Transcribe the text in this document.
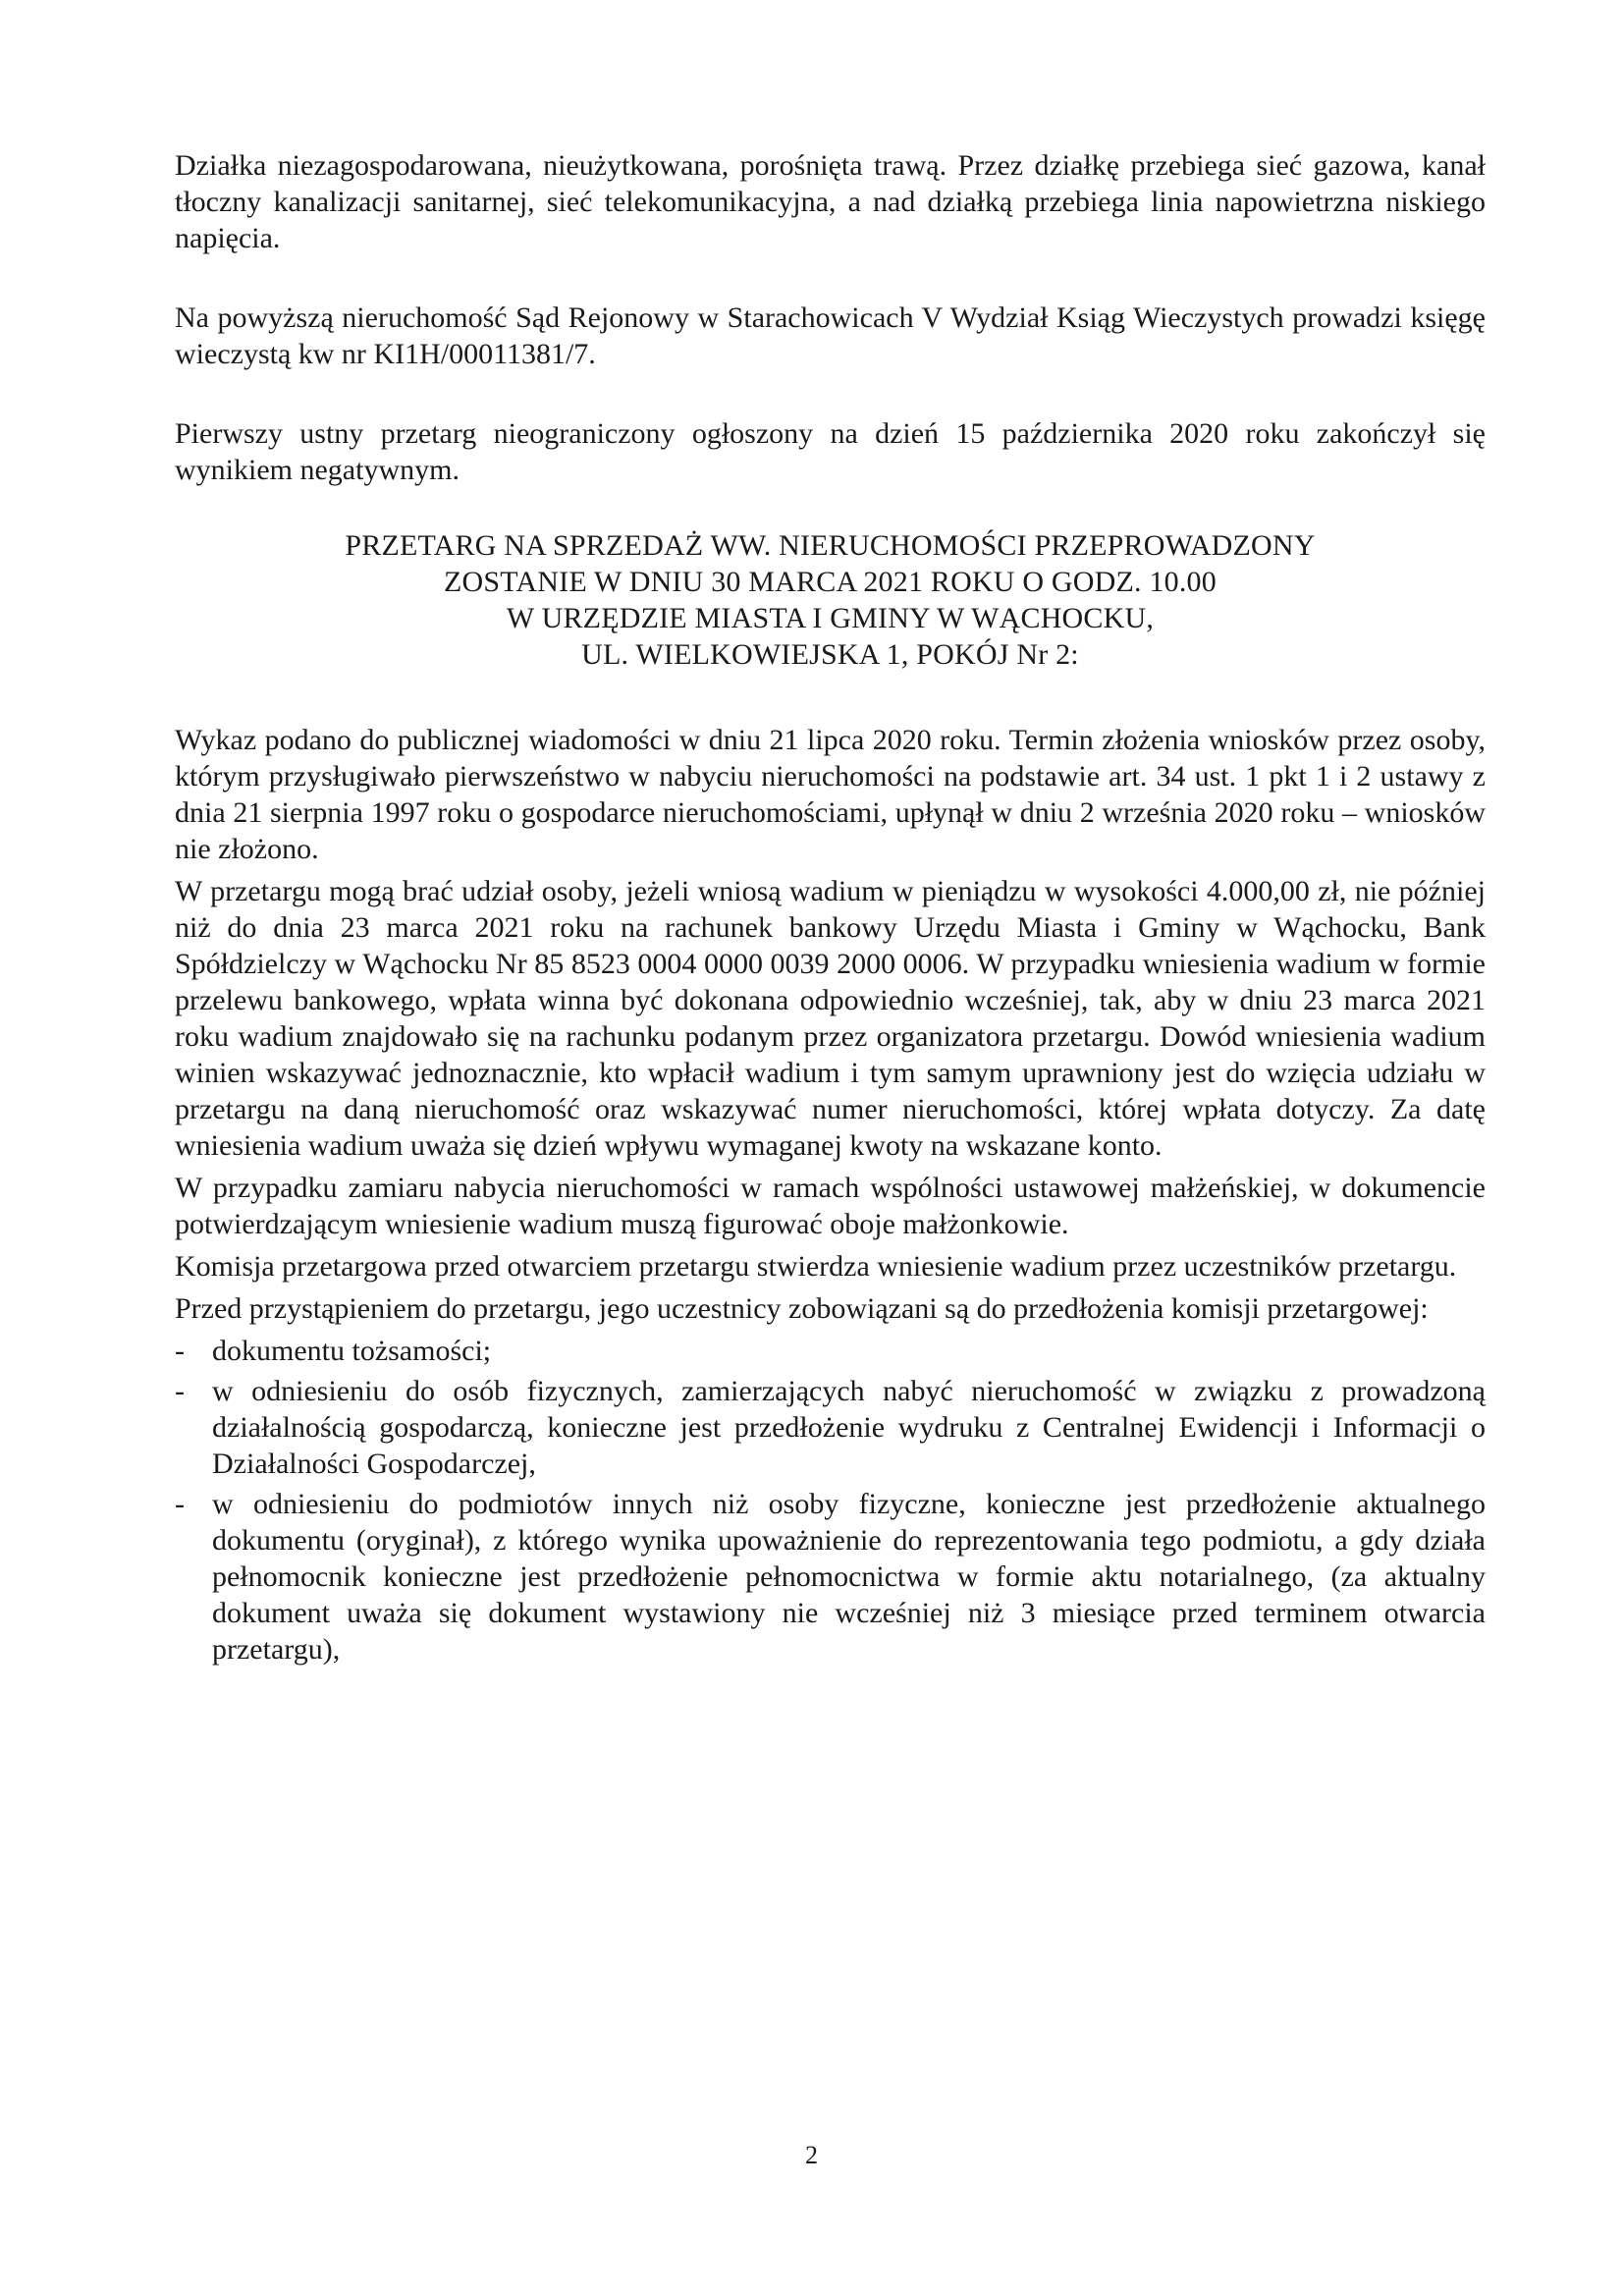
Działka niezagospodarowana, nieużytkowana, porośnięta trawą. Przez działkę przebiega sieć gazowa, kanał tłoczny kanalizacji sanitarnej, sieć telekomunikacyjna, a nad działką przebiega linia napowietrzna niskiego napięcia.

Na powyższą nieruchomość Sąd Rejonowy w Starachowicach V Wydział Ksiąg Wieczystych prowadzi księgę wieczystą kw nr KI1H/00011381/7.

Pierwszy ustny przetarg nieograniczony ogłoszony na dzień 15 października 2020 roku zakończył się wynikiem negatywnym.

PRZETARG NA SPRZEDAŻ WW. NIERUCHOMOŚCI PRZEPROWADZONY
ZOSTANIE W DNIU 30 MARCA 2021 ROKU O GODZ. 10.00
W URZĘDZIE MIASTA I GMINY W WĄCHOCKU,
UL. WIELKOWIEJSKA 1, POKÓJ Nr 2:

Wykaz podano do publicznej wiadomości w dniu 21 lipca 2020 roku. Termin złożenia wniosków przez osoby, którym przysługiwało pierwszeństwo w nabyciu nieruchomości na podstawie art. 34 ust. 1 pkt 1 i 2 ustawy z dnia 21 sierpnia 1997 roku o gospodarce nieruchomościami, upłynął w dniu 2 września 2020 roku – wniosków nie złożono.

W przetargu mogą brać udział osoby, jeżeli wniosą wadium w pieniądzu w wysokości 4.000,00 zł, nie później niż do dnia 23 marca 2021 roku na rachunek bankowy Urzędu Miasta i Gminy w Wąchocku, Bank Spółdzielczy w Wąchocku Nr 85 8523 0004 0000 0039 2000 0006. W przypadku wniesienia wadium w formie przelewu bankowego, wpłata winna być dokonana odpowiednio wcześniej, tak, aby w dniu 23 marca 2021 roku wadium znajdowało się na rachunku podanym przez organizatora przetargu. Dowód wniesienia wadium winien wskazywać jednoznacznie, kto wpłacił wadium i tym samym uprawniony jest do wzięcia udziału w przetargu na daną nieruchomość oraz wskazywać numer nieruchomości, której wpłata dotyczy. Za datę wniesienia wadium uważa się dzień wpływu wymaganej kwoty na wskazane konto.

W przypadku zamiaru nabycia nieruchomości w ramach wspólności ustawowej małżeńskiej, w dokumencie potwierdzającym wniesienie wadium muszą figurować oboje małżonkowie.

Komisja przetargowa przed otwarciem przetargu stwierdza wniesienie wadium przez uczestników przetargu.

Przed przystąpieniem do przetargu, jego uczestnicy zobowiązani są do przedłożenia komisji przetargowej:

- dokumentu tożsamości;
- w odniesieniu do osób fizycznych, zamierzających nabyć nieruchomość w związku z prowadzoną działalnością gospodarczą, konieczne jest przedłożenie wydruku z Centralnej Ewidencji i Informacji o Działalności Gospodarczej,
- w odniesieniu do podmiotów innych niż osoby fizyczne, konieczne jest przedłożenie aktualnego dokumentu (oryginał), z którego wynika upoważnienie do reprezentowania tego podmiotu, a gdy działa pełnomocnik konieczne jest przedłożenie pełnomocnictwa w formie aktu notarialnego, (za aktualny dokument uważa się dokument wystawiony nie wcześniej niż 3 miesiące przed terminem otwarcia przetargu),
2
